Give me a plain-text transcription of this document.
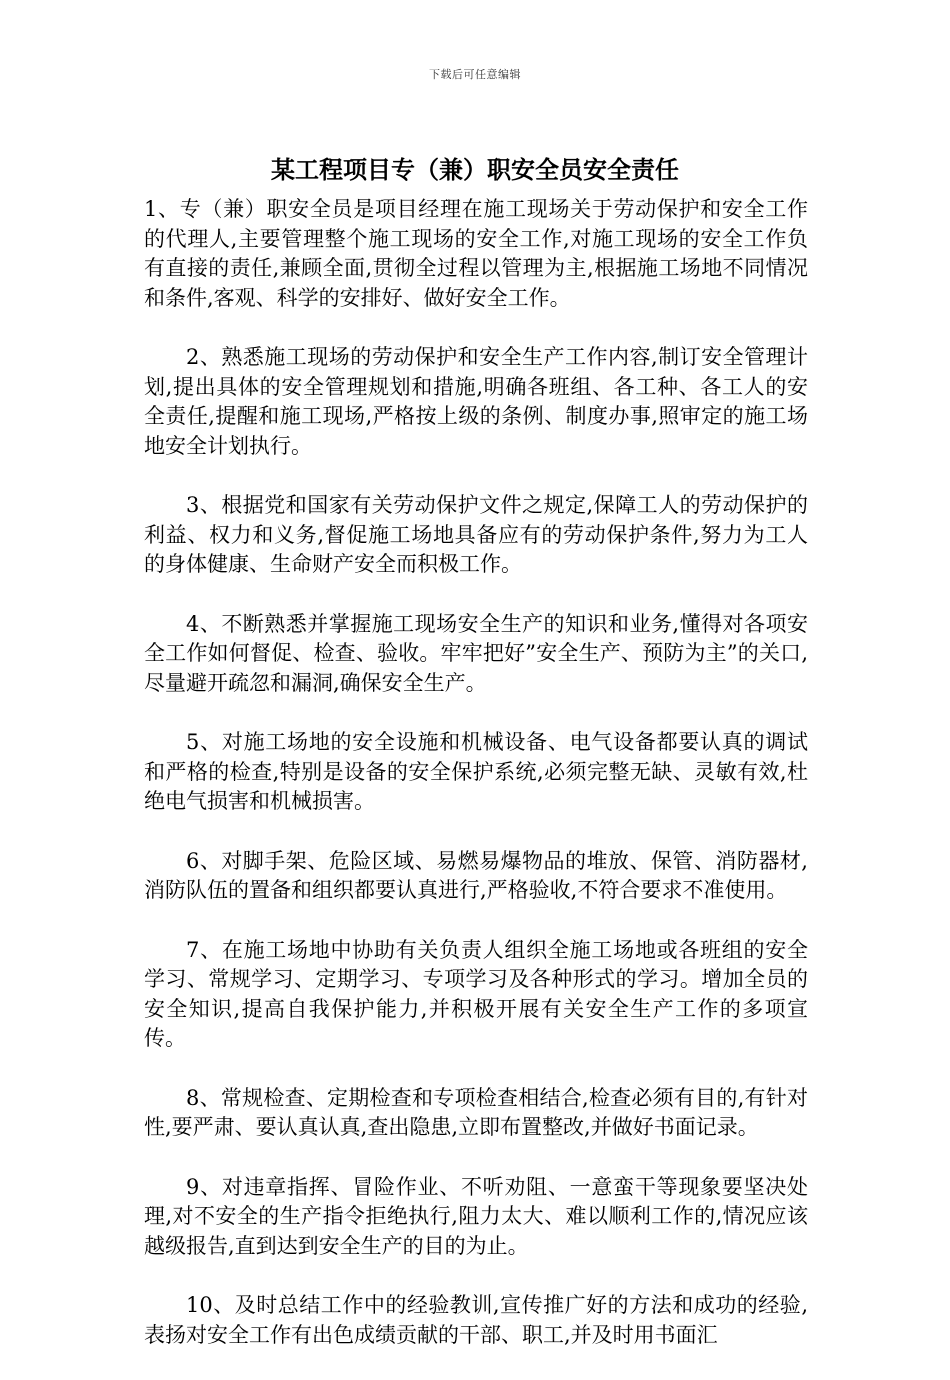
下载后可任意编辑
某工程项目专（兼）职安全员安全责任

1、专（兼）职安全员是项目经理在施工现场关于劳动保护和安全工作的代理人,主要管理整个施工现场的安全工作,对施工现场的安全工作负有直接的责任,兼顾全面,贯彻全过程以管理为主,根据施工场地不同情况和条件,客观、科学的安排好、做好安全工作。

2、熟悉施工现场的劳动保护和安全生产工作内容,制订安全管理计划,提出具体的安全管理规划和措施,明确各班组、各工种、各工人的安全责任,提醒和施工现场,严格按上级的条例、制度办事,照审定的施工场地安全计划执行。

3、根据党和国家有关劳动保护文件之规定,保障工人的劳动保护的利益、权力和义务,督促施工场地具备应有的劳动保护条件,努力为工人的身体健康、生命财产安全而积极工作。

4、不断熟悉并掌握施工现场安全生产的知识和业务,懂得对各项安全工作如何督促、检查、验收。牢牢把好”安全生产、预防为主”的关口,尽量避开疏忽和漏洞,确保安全生产。

5、对施工场地的安全设施和机械设备、电气设备都要认真的调试和严格的检查,特别是设备的安全保护系统,必须完整无缺、灵敏有效,杜绝电气损害和机械损害。

6、对脚手架、危险区域、易燃易爆物品的堆放、保管、消防器材,消防队伍的置备和组织都要认真进行,严格验收,不符合要求不准使用。

7、在施工场地中协助有关负责人组织全施工场地或各班组的安全学习、常规学习、定期学习、专项学习及各种形式的学习。增加全员的安全知识,提高自我保护能力,并积极开展有关安全生产工作的多项宣传。

8、常规检查、定期检查和专项检查相结合,检查必须有目的,有针对性,要严肃、要认真认真,查出隐患,立即布置整改,并做好书面记录。

9、对违章指挥、冒险作业、不听劝阻、一意蛮干等现象要坚决处理,对不安全的生产指令拒绝执行,阻力太大、难以顺利工作的,情况应该越级报告,直到达到安全生产的目的为止。

10、及时总结工作中的经验教训,宣传推广好的方法和成功的经验,表扬对安全工作有出色成绩贡献的干部、职工,并及时用书面汇
